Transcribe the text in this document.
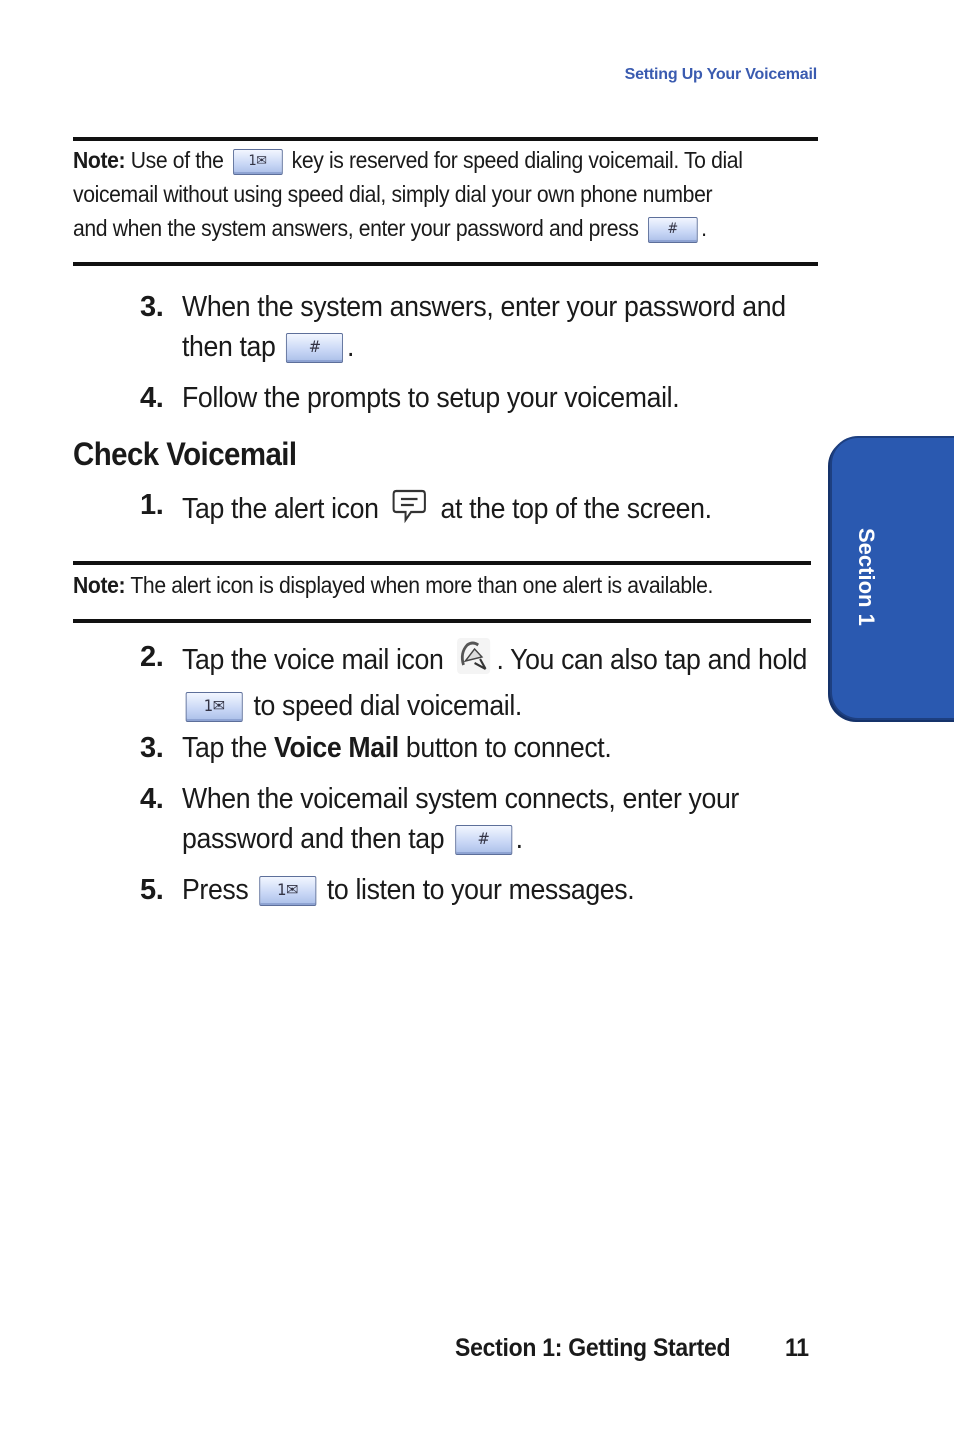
Setting Up Your Voicemail
Note: Use of the 1✉ key is reserved for speed dialing voicemail. To dial
voicemail without using speed dial, simply dial your own phone number
and when the system answers, enter your password and press # .
3. When the system answers, enter your password and
then tap # .
4. Follow the prompts to setup your voicemail.
Check Voicemail
1. Tap the alert icon at the top of the screen.
Note: The alert icon is displayed when more than one alert is available.
2. Tap the voice mail icon . You can also tap and hold
1✉ to speed dial voicemail.
3. Tap the Voice Mail button to connect.
4. When the voicemail system connects, enter your
password and then tap # .
5. Press 1✉ to listen to your messages.
Section 1
Section 1: Getting Started 11
